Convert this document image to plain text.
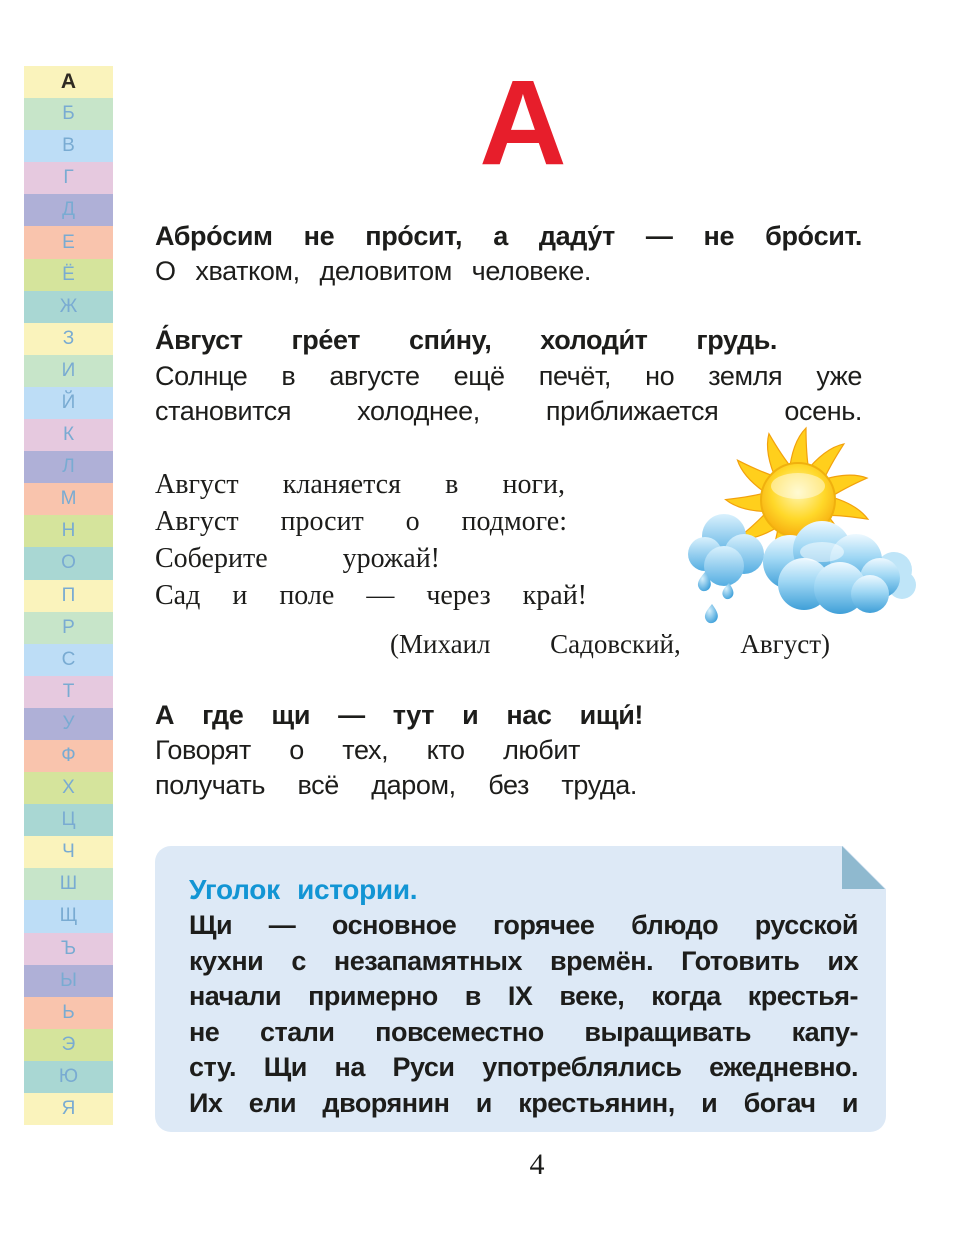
А
Б
В
Г
Д
Е
Ё
Ж
З
И
Й
К
Л
М
Н
О
П
Р
С
Т
У
Ф
Х
Ц
Ч
Ш
Щ
Ъ
Ы
Ь
Э
Ю
Я
А
Абро́сим не про́сит, а даду́т — не бро́сит.
О хватком, деловитом человеке.
А́вгуст гре́ет спи́ну, холоди́т грудь.
Солнце в августе ещё печёт, но земля уже
становится холоднее, приближается осень.
Август кланяется в ноги,
Август просит о подмоге:
Соберите урожай!
Сад и поле — через край!
(Михаил Садовский, Август)
А где щи — тут и нас ищи́!
Говорят о тех, кто любит
получать всё даром, без труда.
Уголок истории.
Щи — основное горячее блюдо русской
кухни с незапамятных времён. Готовить их
начали примерно в IX веке, когда крестья-
не стали повсеместно выращивать капу-
сту. Щи на Руси употреблялись ежедневно.
Их ели дворянин и крестьянин, и богач и
4
